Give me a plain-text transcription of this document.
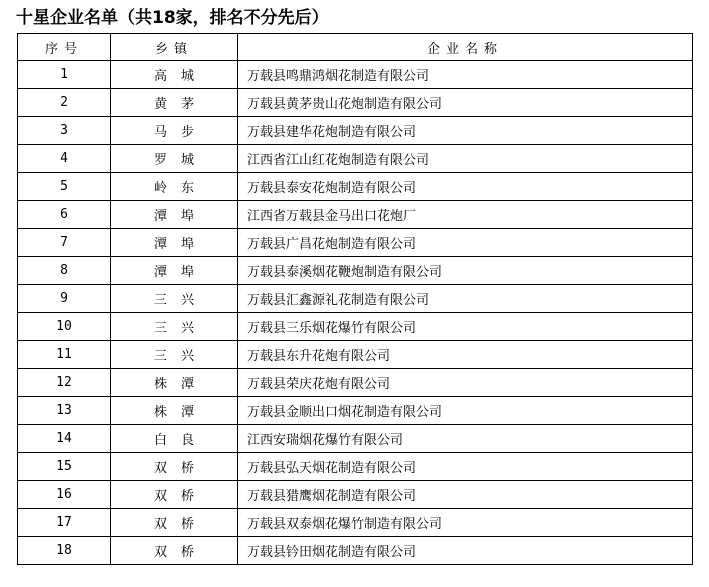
十星企业名单（共18家，排名不分先后）
序号	乡镇	企业名称
1	高城	万载县鸣鼎鸿烟花制造有限公司
2	黄茅	万载县黄茅贵山花炮制造有限公司
3	马步	万载县建华花炮制造有限公司
4	罗城	江西省江山红花炮制造有限公司
5	岭东	万载县泰安花炮制造有限公司
6	潭埠	江西省万载县金马出口花炮厂
7	潭埠	万载县广昌花炮制造有限公司
8	潭埠	万载县泰溪烟花鞭炮制造有限公司
9	三兴	万载县汇鑫源礼花制造有限公司
10	三兴	万载县三乐烟花爆竹有限公司
11	三兴	万载县东升花炮有限公司
12	株潭	万载县荣庆花炮有限公司
13	株潭	万载县金顺出口烟花制造有限公司
14	白良	江西安瑞烟花爆竹有限公司
15	双桥	万载县弘天烟花制造有限公司
16	双桥	万载县猎鹰烟花制造有限公司
17	双桥	万载县双泰烟花爆竹制造有限公司
18	双桥	万载县钤田烟花制造有限公司
